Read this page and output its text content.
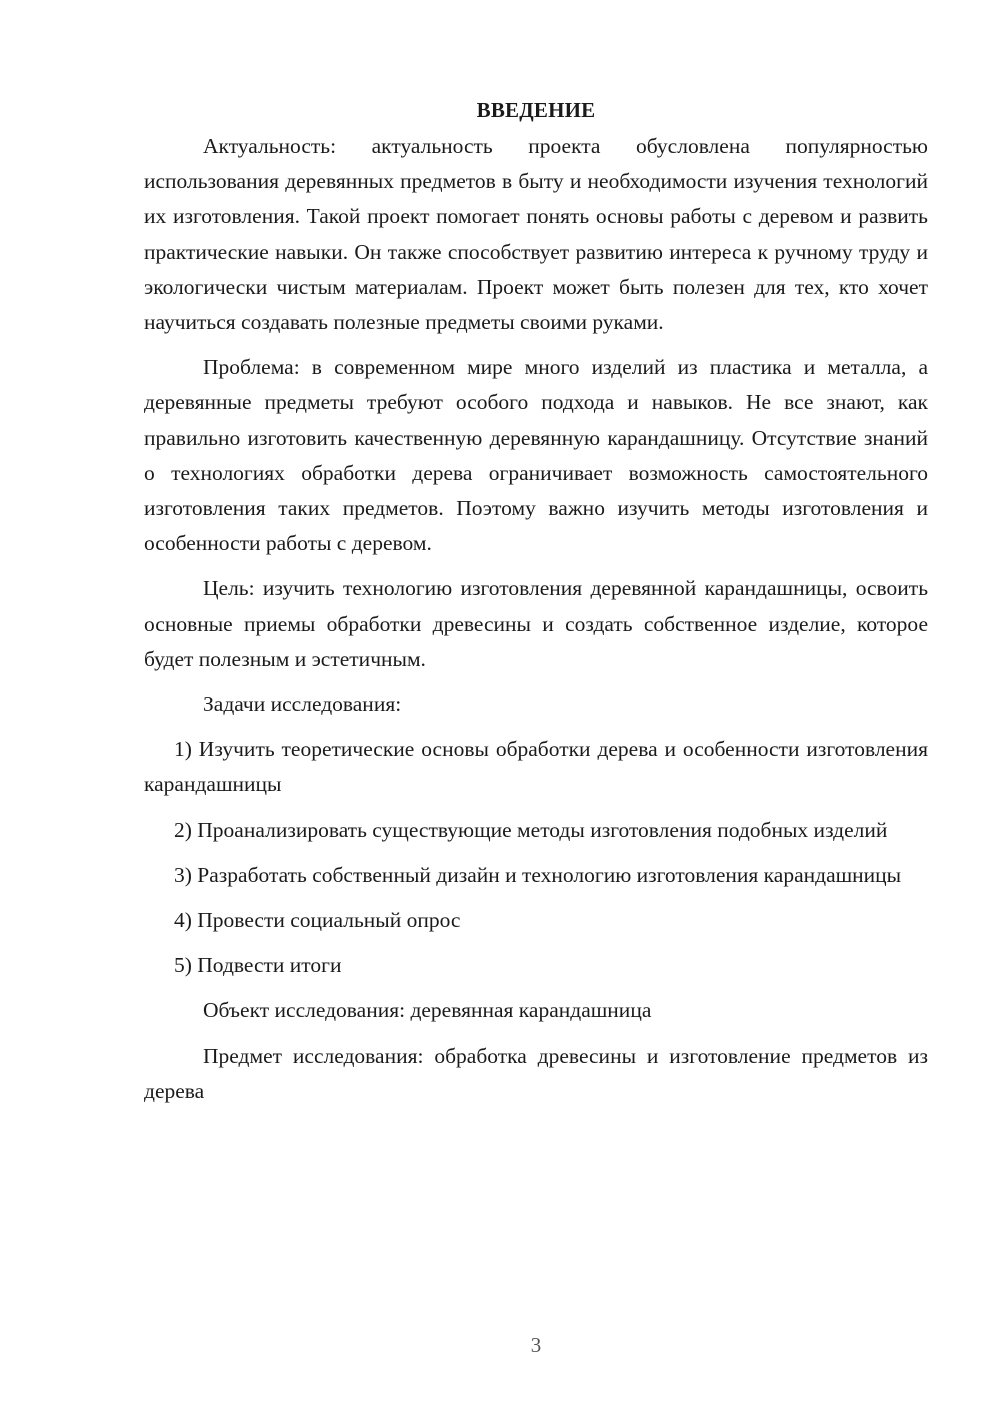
ВВЕДЕНИЕ

Актуальность: актуальность проекта обусловлена популярностью использования деревянных предметов в быту и необходимости изучения технологий их изготовления. Такой проект помогает понять основы работы с деревом и развить практические навыки. Он также способствует развитию интереса к ручному труду и экологически чистым материалам. Проект может быть полезен для тех, кто хочет научиться создавать полезные предметы своими руками.

Проблема: в современном мире много изделий из пластика и металла, а деревянные предметы требуют особого подхода и навыков. Не все знают, как правильно изготовить качественную деревянную карандашницу. Отсутствие знаний о технологиях обработки дерева ограничивает возможность самостоятельного изготовления таких предметов. Поэтому важно изучить методы изготовления и особенности работы с деревом.

Цель: изучить технологию изготовления деревянной карандашницы, освоить основные приемы обработки древесины и создать собственное изделие, которое будет полезным и эстетичным.

Задачи исследования:

1) Изучить теоретические основы обработки дерева и особенности изготовления карандашницы

2) Проанализировать существующие методы изготовления подобных изделий

3) Разработать собственный дизайн и технологию изготовления карандашницы

4) Провести социальный опрос

5) Подвести итоги

Объект исследования: деревянная карандашница

Предмет исследования: обработка древесины и изготовление предметов из дерева

3
